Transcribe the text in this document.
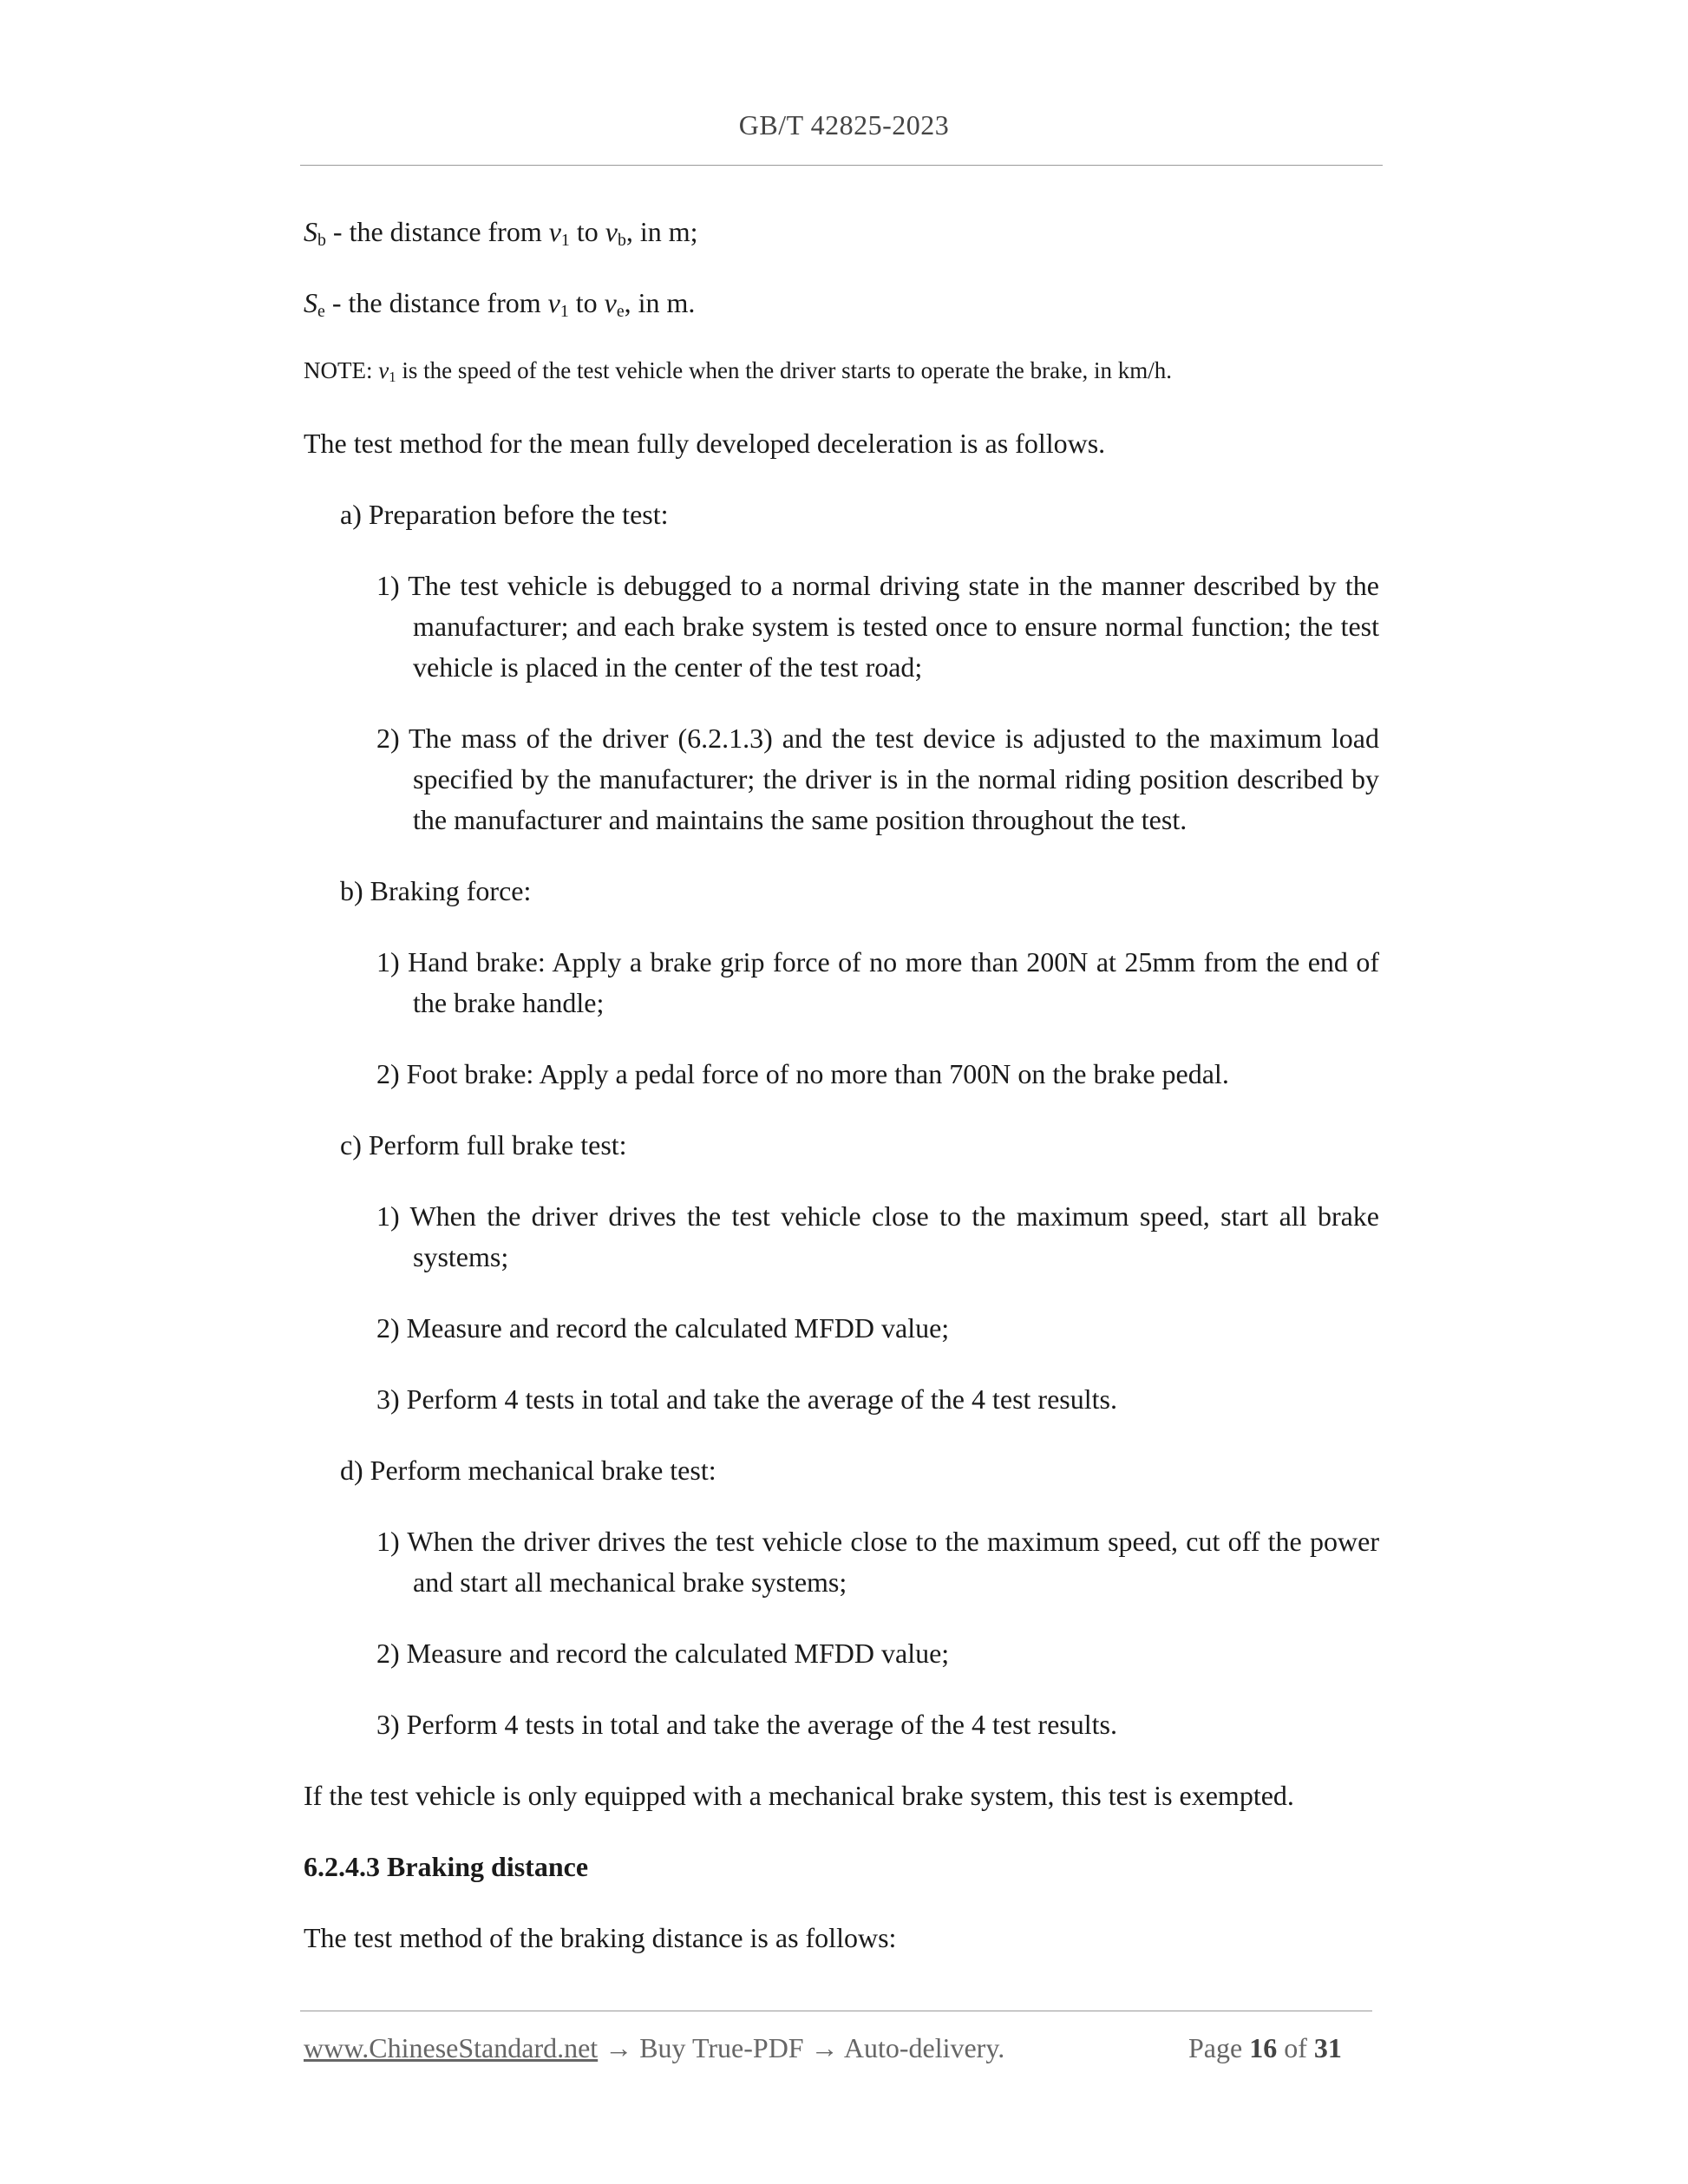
GB/T 42825-2023

$S_b$ - the distance from $v_1$ to $v_b$, in m;

$S_e$ - the distance from $v_1$ to $v_e$, in m.

NOTE: $v_1$ is the speed of the test vehicle when the driver starts to operate the brake, in km/h.

The test method for the mean fully developed deceleration is as follows.

a) Preparation before the test:

1) The test vehicle is debugged to a normal driving state in the manner described by the manufacturer; and each brake system is tested once to ensure normal function; the test vehicle is placed in the center of the test road;

2) The mass of the driver (6.2.1.3) and the test device is adjusted to the maximum load specified by the manufacturer; the driver is in the normal riding position described by the manufacturer and maintains the same position throughout the test.

b) Braking force:

1) Hand brake: Apply a brake grip force of no more than 200N at 25mm from the end of the brake handle;

2) Foot brake: Apply a pedal force of no more than 700N on the brake pedal.

c) Perform full brake test:

1) When the driver drives the test vehicle close to the maximum speed, start all brake systems;

2) Measure and record the calculated MFDD value;

3) Perform 4 tests in total and take the average of the 4 test results.

d) Perform mechanical brake test:

1) When the driver drives the test vehicle close to the maximum speed, cut off the power and start all mechanical brake systems;

2) Measure and record the calculated MFDD value;

3) Perform 4 tests in total and take the average of the 4 test results.

If the test vehicle is only equipped with a mechanical brake system, this test is exempted.

6.2.4.3 Braking distance

The test method of the braking distance is as follows:

www.ChineseStandard.net → Buy True-PDF → Auto-delivery.	Page 16 of 31
